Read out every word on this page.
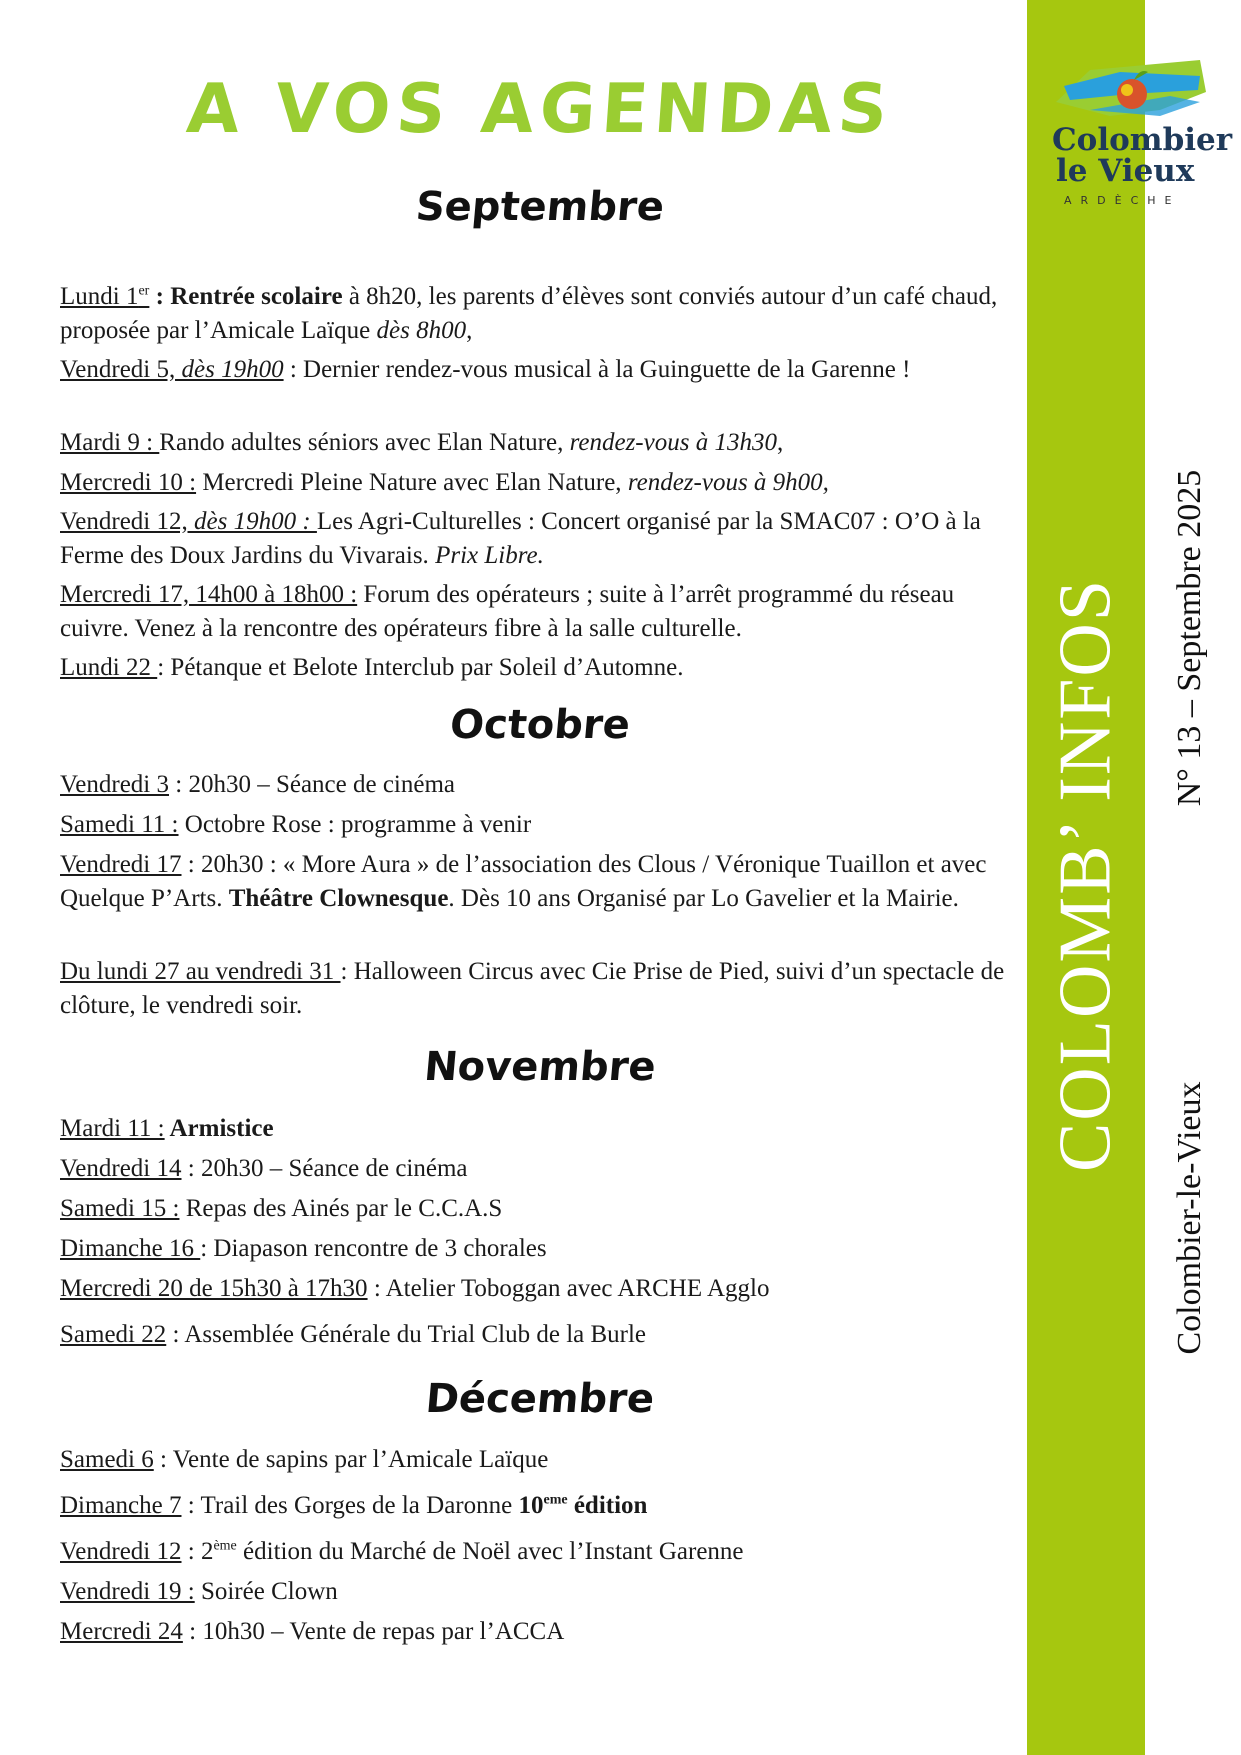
A VOS AGENDAS
Septembre

Lundi 1er : Rentrée scolaire à 8h20, les parents d’élèves sont conviés autour d’un café chaud, proposée par l’Amicale Laïque dès 8h00,

Vendredi 5, dès 19h00 : Dernier rendez-vous musical à la Guinguette de la Garenne !

Mardi 9 : Rando adultes séniors avec Elan Nature, rendez-vous à 13h30,

Mercredi 10 : Mercredi Pleine Nature avec Elan Nature, rendez-vous à 9h00,

Vendredi 12, dès 19h00 : Les Agri-Culturelles : Concert organisé par la SMAC07 : O’O à la Ferme des Doux Jardins du Vivarais. Prix Libre.

Mercredi 17, 14h00 à 18h00 : Forum des opérateurs ; suite à l’arrêt programmé du réseau cuivre. Venez à la rencontre des opérateurs fibre à la salle culturelle.

Lundi 22 : Pétanque et Belote Interclub par Soleil d’Automne.

Octobre

Vendredi 3 : 20h30 – Séance de cinéma

Samedi 11 : Octobre Rose : programme à venir

Vendredi 17 : 20h30 : « More Aura » de l’association des Clous / Véronique Tuaillon et avec Quelque P’Arts. Théâtre Clownesque. Dès 10 ans Organisé par Lo Gavelier et la Mairie.

Du lundi 27 au vendredi 31 : Halloween Circus avec Cie Prise de Pied, suivi d’un spectacle de clôture, le vendredi soir.

Novembre

Mardi 11 : Armistice

Vendredi 14 : 20h30 – Séance de cinéma

Samedi 15 : Repas des Ainés par le C.C.A.S

Dimanche 16 : Diapason rencontre de 3 chorales

Mercredi 20 de 15h30 à 17h30 : Atelier Toboggan avec ARCHE Agglo

Samedi 22 : Assemblée Générale du Trial Club de la Burle

Décembre

Samedi 6 : Vente de sapins par l’Amicale Laïque

Dimanche 7 : Trail des Gorges de la Daronne 10eme édition

Vendredi 12 : 2ème édition du Marché de Noël avec l’Instant Garenne

Vendredi 19 : Soirée Clown

Mercredi 24 : 10h30 – Vente de repas par l’ACCA

COLOMB’ INFOS N° 13 – Septembre 2025
Colombier-le-Vieux
Colombier
le Vieux
ARDÈCHE
